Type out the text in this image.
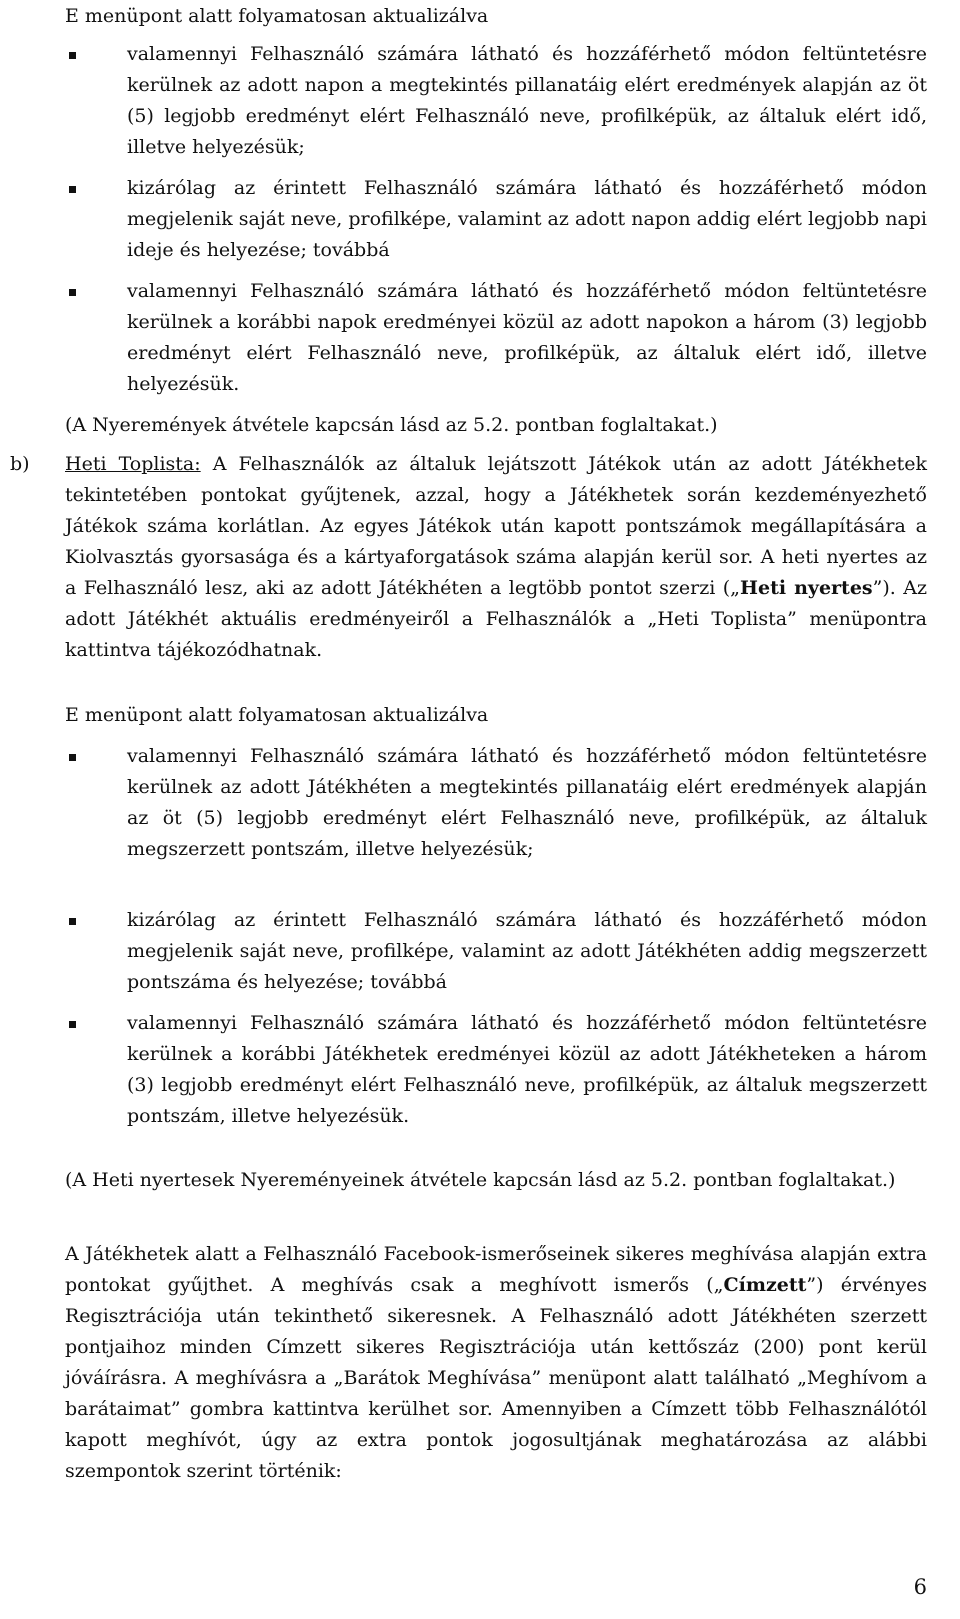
E menüpont alatt folyamatosan aktualizálva

valamennyi Felhasználó számára látható és hozzáférhető módon feltüntetésre kerülnek az adott napon a megtekintés pillanatáig elért eredmények alapján az öt (5) legjobb eredményt elért Felhasználó neve, profilképük, az általuk elért idő, illetve helyezésük;
kizárólag az érintett Felhasználó számára látható és hozzáférhető módon megjelenik saját neve, profilképe, valamint az adott napon addig elért legjobb napi ideje és helyezése; továbbá
valamennyi Felhasználó számára látható és hozzáférhető módon feltüntetésre kerülnek a korábbi napok eredményei közül az adott napokon a három (3) legjobb eredményt elért Felhasználó neve, profilképük, az általuk elért idő, illetve helyezésük.

(A Nyeremények átvétele kapcsán lásd az 5.2. pontban foglaltakat.)

b) Heti Toplista: A Felhasználók az általuk lejátszott Játékok után az adott Játékhetek tekintetében pontokat gyűjtenek, azzal, hogy a Játékhetek során kezdeményezhető Játékok száma korlátlan. Az egyes Játékok után kapott pontszámok megállapítására a Kiolvasztás gyorsasága és a kártyaforgatások száma alapján kerül sor. A heti nyertes az a Felhasználó lesz, aki az adott Játékhéten a legtöbb pontot szerzi („Heti nyertes”). Az adott Játékhét aktuális eredményeiről a Felhasználók a „Heti Toplista” menüpontra kattintva tájékozódhatnak.

E menüpont alatt folyamatosan aktualizálva

valamennyi Felhasználó számára látható és hozzáférhető módon feltüntetésre kerülnek az adott Játékhéten a megtekintés pillanatáig elért eredmények alapján az öt (5) legjobb eredményt elért Felhasználó neve, profilképük, az általuk megszerzett pontszám, illetve helyezésük;
kizárólag az érintett Felhasználó számára látható és hozzáférhető módon megjelenik saját neve, profilképe, valamint az adott Játékhéten addig megszerzett pontszáma és helyezése; továbbá
valamennyi Felhasználó számára látható és hozzáférhető módon feltüntetésre kerülnek a korábbi Játékhetek eredményei közül az adott Játékheteken a három (3) legjobb eredményt elért Felhasználó neve, profilképük, az általuk megszerzett pontszám, illetve helyezésük.

(A Heti nyertesek Nyereményeinek átvétele kapcsán lásd az 5.2. pontban foglaltakat.)

A Játékhetek alatt a Felhasználó Facebook-ismerőseinek sikeres meghívása alapján extra pontokat gyűjthet. A meghívás csak a meghívott ismerős („Címzett”) érvényes Regisztrációja után tekinthető sikeresnek. A Felhasználó adott Játékhéten szerzett pontjaihoz minden Címzett sikeres Regisztrációja után kettőszáz (200) pont kerül jóváírásra. A meghívásra a „Barátok Meghívása” menüpont alatt található „Meghívom a barátaimat” gombra kattintva kerülhet sor. Amennyiben a Címzett több Felhasználótól kapott meghívót, úgy az extra pontok jogosultjának meghatározása az alábbi szempontok szerint történik:

6
